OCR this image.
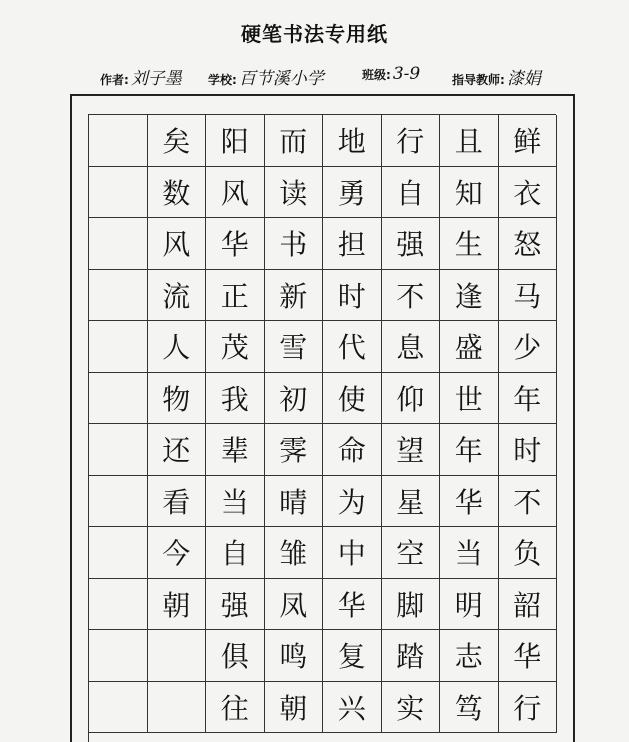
硬笔书法专用纸
作者: 刘子墨 学校: 百节溪小学	班级: 3-9	指导教师: 漆娟
矣
数
风
流
人
物
还
看
今
朝
阳
风
华
正
茂
我
辈
当
自
强
俱
往
而
读
书
新
雪
初
霁
晴
雏
凤
鸣
朝
地
勇
担
时
代
使
命
为
中
华
复
兴
行
自
强
不
息
仰
望
星
空
脚
踏
实
且
知
生
逢
盛
世
年
华
当
明
志
笃
鲜
衣
怒
马
少
年
时
不
负
韶
华
行
